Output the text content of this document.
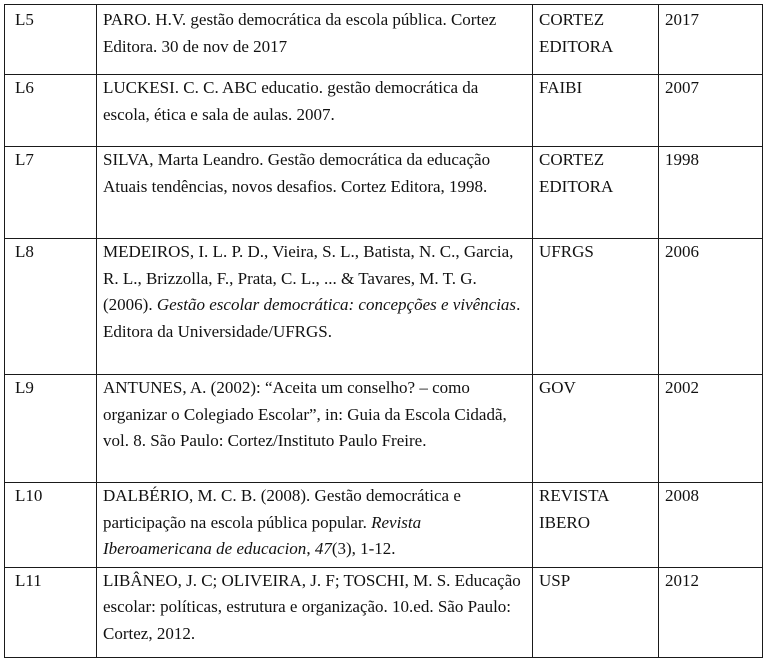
L5	PARO. H.V. gestão democrática da escola pública. Cortez Editora. 30 de nov de 2017	CORTEZ EDITORA	2017
L6	LUCKESI. C. C. ABC educatio. gestão democrática da escola, ética e sala de aulas. 2007.	FAIBI	2007
L7	SILVA, Marta Leandro. Gestão democrática da educação Atuais tendências, novos desafios. Cortez Editora, 1998.	CORTEZ EDITORA	1998
L8	MEDEIROS, I. L. P. D., Vieira, S. L., Batista, N. C., Garcia, R. L., Brizzolla, F., Prata, C. L., ... & Tavares, M. T. G. (2006). Gestão escolar democrática: concepções e vivências. Editora da Universidade/UFRGS.	UFRGS	2006
L9	ANTUNES, A. (2002): “Aceita um conselho? – como organizar o Colegiado Escolar”, in: Guia da Escola Cidadã, vol. 8. São Paulo: Cortez/Instituto Paulo Freire.	GOV	2002
L10	DALBÉRIO, M. C. B. (2008). Gestão democrática e participação na escola pública popular. Revista Iberoamericana de educacion, 47(3), 1-12.	REVISTA IBERO	2008
L11	LIBÂNEO, J. C; OLIVEIRA, J. F; TOSCHI, M. S. Educação escolar: políticas, estrutura e organização. 10.ed. São Paulo: Cortez, 2012.	USP	2012
